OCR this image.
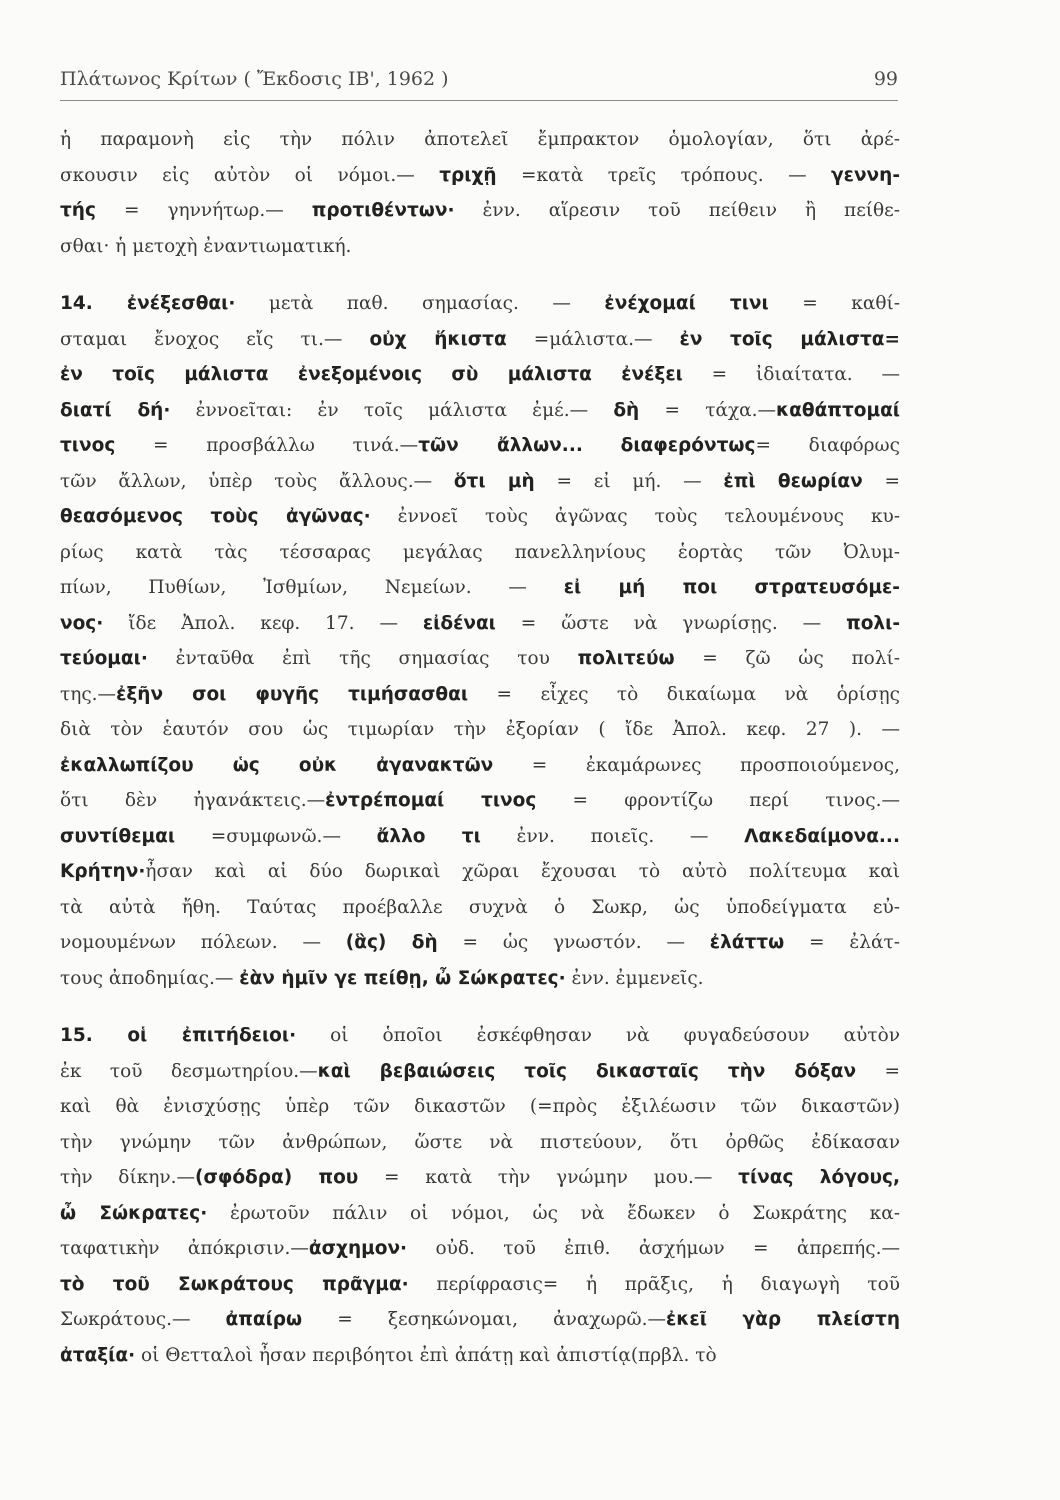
Πλάτωνος Κρίτων ( Ἔκδοσις ΙΒ', 1962 )	99
ἡ παραμονὴ εἰς τὴν πόλιν ἀποτελεῖ ἔμπρακτον ὁμολογίαν, ὅτι ἀρέ-
σκουσιν εἰς αὐτὸν οἱ νόμοι.— τριχῇ =κατὰ τρεῖς τρόπους. — γεννη-
τής = γηννήτωρ.— προτιθέντων· ἐνν. αἵρεσιν τοῦ πείθειν ἢ πείθε-
σθαι· ἡ μετοχὴ ἐναντιωματική.
14. ἐνέξεσθαι· μετὰ παθ. σημασίας. — ἐνέχομαί τινι = καθί-
σταμαι ἔνοχος εἴς τι.— οὐχ ἥκιστα =μάλιστα.— ἐν τοῖς μάλιστα=
ἐν τοῖς μάλιστα ἐνεξομένοις σὺ μάλιστα ἐνέξει = ἰδιαίτατα. —
διατί δή· ἐννοεῖται: ἐν τοῖς μάλιστα ἐμέ.— δὴ = τάχα.—καθάπτομαί
τινος = προσβάλλω τινά.—τῶν ἄλλων... διαφερόντως= διαφόρως
τῶν ἄλλων, ὑπὲρ τοὺς ἄλλους.— ὅτι μὴ = εἰ μή. — ἐπὶ θεωρίαν =
θεασόμενος τοὺς ἀγῶνας· ἐννοεῖ τοὺς ἀγῶνας τοὺς τελουμένους κυ-
ρίως κατὰ τὰς τέσσαρας μεγάλας πανελληνίους ἑορτὰς τῶν Ὀλυμ-
πίων, Πυθίων, Ἰσθμίων, Νεμείων. — εἰ μή ποι στρατευσόμε-
νος· ἴδε Ἀπολ. κεφ. 17. — εἰδέναι = ὥστε νὰ γνωρίσῃς. — πολι-
τεύομαι· ἐνταῦθα ἐπὶ τῆς σημασίας του πολιτεύω = ζῶ ὡς πολί-
της.—ἐξῆν σοι φυγῆς τιμήσασθαι = εἶχες τὸ δικαίωμα νὰ ὁρίσῃς
διὰ τὸν ἑαυτόν σου ὡς τιμωρίαν τὴν ἐξορίαν ( ἴδε Ἀπολ. κεφ. 27 ). —
ἐκαλλωπίζου ὡς οὐκ ἀγανακτῶν = ἐκαμάρωνες προσποιούμενος,
ὅτι δὲν ἠγανάκτεις.—ἐντρέπομαί τινος = φροντίζω περί τινος.—
συντίθεμαι =συμφωνῶ.— ἄλλο τι ἐνν. ποιεῖς. — Λακεδαίμονα...
Κρήτην·ἦσαν καὶ αἱ δύο δωρικαὶ χῶραι ἔχουσαι τὸ αὐτὸ πολίτευμα καὶ
τὰ αὐτὰ ἤθη. Ταύτας προέβαλλε συχνὰ ὁ Σωκρ, ὡς ὑποδείγματα εὐ-
νομουμένων πόλεων. — (ἃς) δὴ = ὡς γνωστόν. — ἐλάττω = ἐλάτ-
τους ἀποδημίας.— ἐὰν ἡμῖν γε πείθῃ, ὦ Σώκρατες· ἐνν. ἐμμενεῖς.
15. οἱ ἐπιτήδειοι· οἱ ὁποῖοι ἐσκέφθησαν νὰ φυγαδεύσουν αὐτὸν
ἐκ τοῦ δεσμωτηρίου.—καὶ βεβαιώσεις τοῖς δικασταῖς τὴν δόξαν =
καὶ θὰ ἐνισχύσῃς ὑπὲρ τῶν δικαστῶν (=πρὸς ἐξιλέωσιν τῶν δικαστῶν)
τὴν γνώμην τῶν ἀνθρώπων, ὥστε νὰ πιστεύουν, ὅτι ὀρθῶς ἐδίκασαν
τὴν δίκην.—(σφόδρα) που = κατὰ τὴν γνώμην μου.— τίνας λόγους,
ὦ Σώκρατες· ἐρωτοῦν πάλιν οἱ νόμοι, ὡς νὰ ἔδωκεν ὁ Σωκράτης κα-
ταφατικὴν ἀπόκρισιν.—ἀσχημον· οὐδ. τοῦ ἐπιθ. ἀσχήμων = ἀπρεπής.—
τὸ τοῦ Σωκράτους πρᾶγμα· περίφρασις= ἡ πρᾶξις, ἡ διαγωγὴ τοῦ
Σωκράτους.— ἀπαίρω = ξεσηκώνομαι, ἀναχωρῶ.—ἐκεῖ γὰρ πλείστη
ἀταξία· οἱ Θετταλοὶ ἦσαν περιβόητοι ἐπὶ ἀπάτῃ καὶ ἀπιστίᾳ(πρβλ. τὸ
